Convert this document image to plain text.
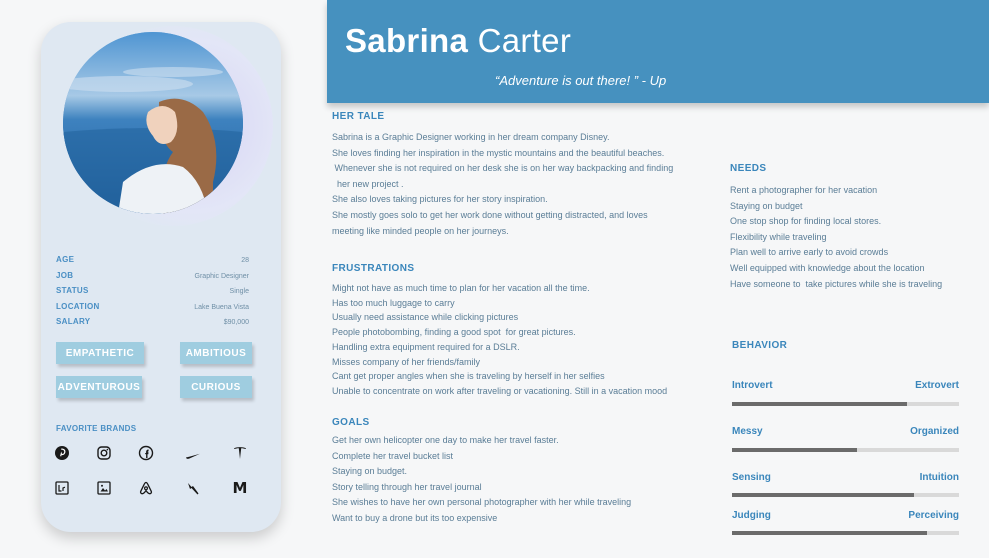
AGE	28
JOB	Graphic Designer
STATUS	Single
LOCATION	Lake Buena Vista
SALARY	$90,000
EMPATHETIC	AMBITIOUS
ADVENTUROUS	CURIOUS
FAVORITE BRANDS
M
Sabrina Carter
“Adventure is out there! ” - Up
HER TALE
Sabrina is a Graphic Designer working in her dream company Disney.
She loves finding her inspiration in the mystic mountains and the beautiful beaches.
Whenever she is not required on her desk she is on her way backpacking and finding
her new project .
She also loves taking pictures for her story inspiration.
She mostly goes solo to get her work done without getting distracted, and loves
meeting like minded people on her journeys.
FRUSTRATIONS
Might not have as much time to plan for her vacation all the time.
Has too much luggage to carry
Usually need assistance while clicking pictures
People photobombing, finding a good spot  for great pictures.
Handling extra equipment required for a DSLR.
Misses company of her friends/family
Cant get proper angles when she is traveling by herself in her selfies
Unable to concentrate on work after traveling or vacationing. Still in a vacation mood
GOALS
Get her own helicopter one day to make her travel faster.
Complete her travel bucket list
Staying on budget.
Story telling through her travel journal
She wishes to have her own personal photographer with her while traveling
Want to buy a drone but its too expensive
NEEDS
Rent a photographer for her vacation
Staying on budget
One stop shop for finding local stores.
Flexibility while traveling
Plan well to arrive early to avoid crowds
Well equipped with knowledge about the location
Have someone to  take pictures while she is traveling
BEHAVIOR
Introvert	Extrovert
Messy	Organized
Sensing	Intuition
Judging	Perceiving
